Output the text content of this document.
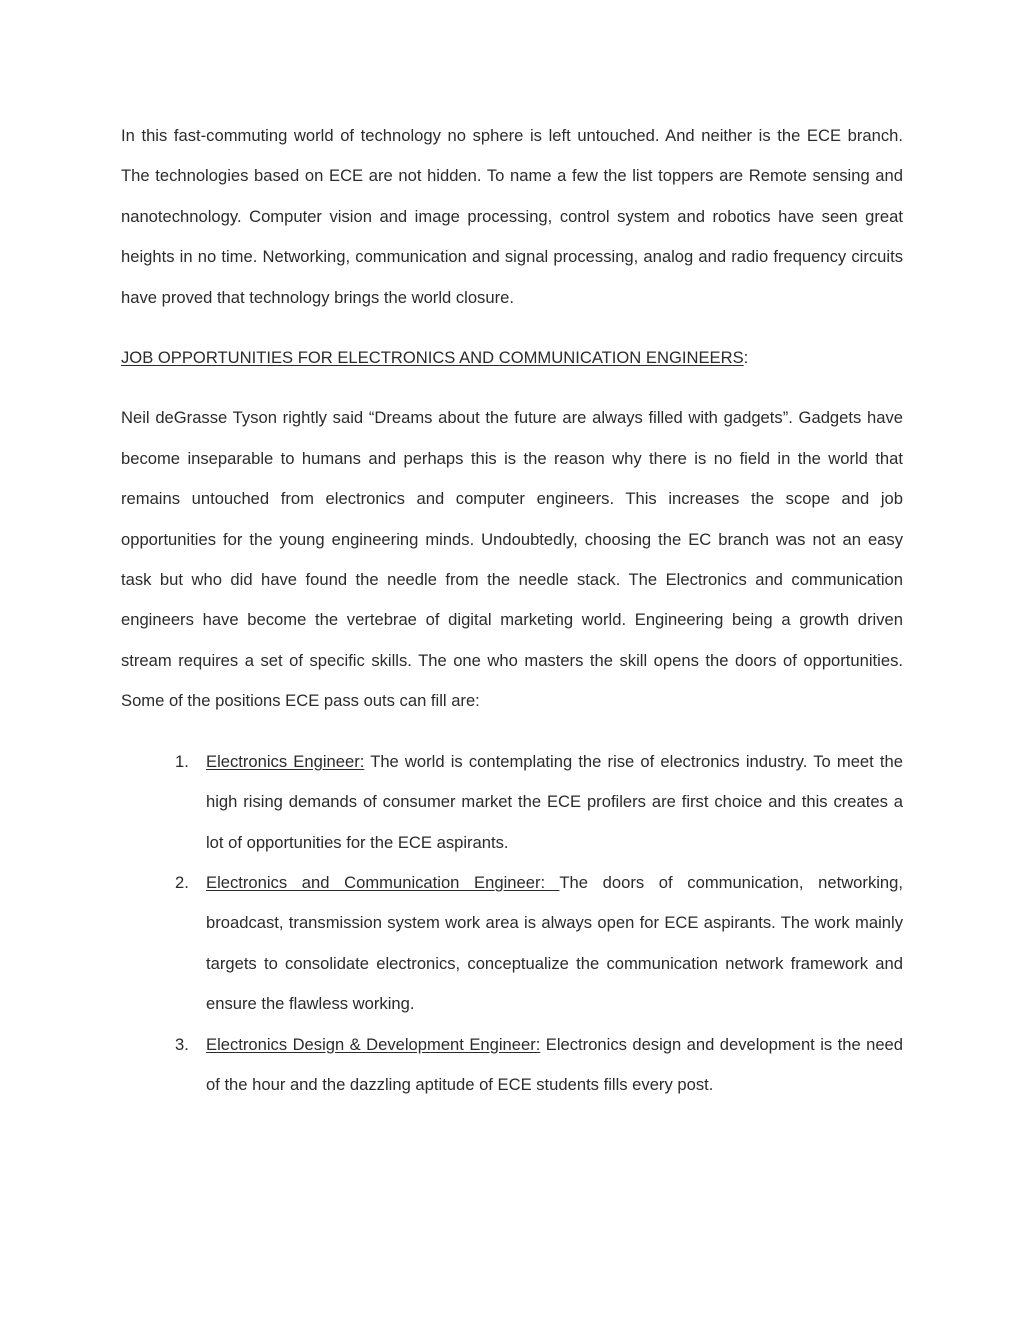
In this fast-commuting world of technology no sphere is left untouched. And neither is the ECE branch. The technologies based on ECE are not hidden. To name a few the list toppers are Remote sensing and nanotechnology. Computer vision and image processing, control system and robotics have seen great heights in no time. Networking, communication and signal processing, analog and radio frequency circuits have proved that technology brings the world closure.

JOB OPPORTUNITIES FOR ELECTRONICS AND COMMUNICATION ENGINEERS:

Neil deGrasse Tyson rightly said “Dreams about the future are always filled with gadgets”. Gadgets have become inseparable to humans and perhaps this is the reason why there is no field in the world that remains untouched from electronics and computer engineers. This increases the scope and job opportunities for the young engineering minds. Undoubtedly, choosing the EC branch was not an easy task but who did have found the needle from the needle stack. The Electronics and communication engineers have become the vertebrae of digital marketing world. Engineering being a growth driven stream requires a set of specific skills. The one who masters the skill opens the doors of opportunities. Some of the positions ECE pass outs can fill are:

1. Electronics Engineer: The world is contemplating the rise of electronics industry. To meet the high rising demands of consumer market the ECE profilers are first choice and this creates a lot of opportunities for the ECE aspirants.
2. Electronics and Communication Engineer: The doors of communication, networking, broadcast, transmission system work area is always open for ECE aspirants. The work mainly targets to consolidate electronics, conceptualize the communication network framework and ensure the flawless working.
3. Electronics Design & Development Engineer: Electronics design and development is the need of the hour and the dazzling aptitude of ECE students fills every post.
